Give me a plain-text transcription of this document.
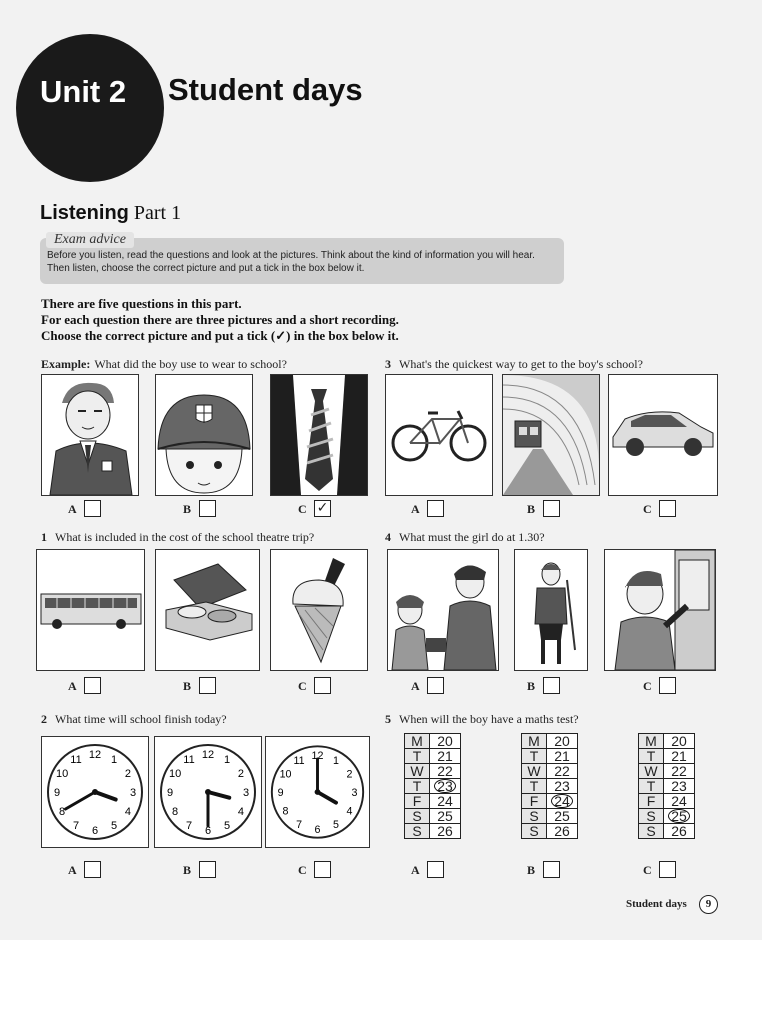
Unit 2 Student days
Listening Part 1
Exam advice
Before you listen, read the questions and look at the pictures. Think about the kind of information you will hear. Then listen, choose the correct picture and put a tick in the box below it.
There are five questions in this part.
For each question there are three pictures and a short recording.
Choose the correct picture and put a tick (✓) in the box below it.
Example: What did the boy use to wear to school?
A	B	C ✓
3 What's the quickest way to get to the boy's school?
A	B	C
1 What is included in the cost of the school theatre trip?
A	B	C
4 What must the girl do at 1.30?
A	B	C
2 What time will school finish today?
12 1
2
3
4
5
6
7
8
9
10
11	12 1
2
3
4
5
6
7
8
9
10
11	12 1
2
3
4
5
6
7
8
9
10
11
A	B	C
5 When will the boy have a maths test?
M	20
T	21
W	22
T	23
F	24
S	25
S	26
M	20
T	21
W	22
T	23
F	24
S	25
S	26
M	20
T	21
W	22
T	23
F	24
S	25
S	26
A	B	C
Student days	9
